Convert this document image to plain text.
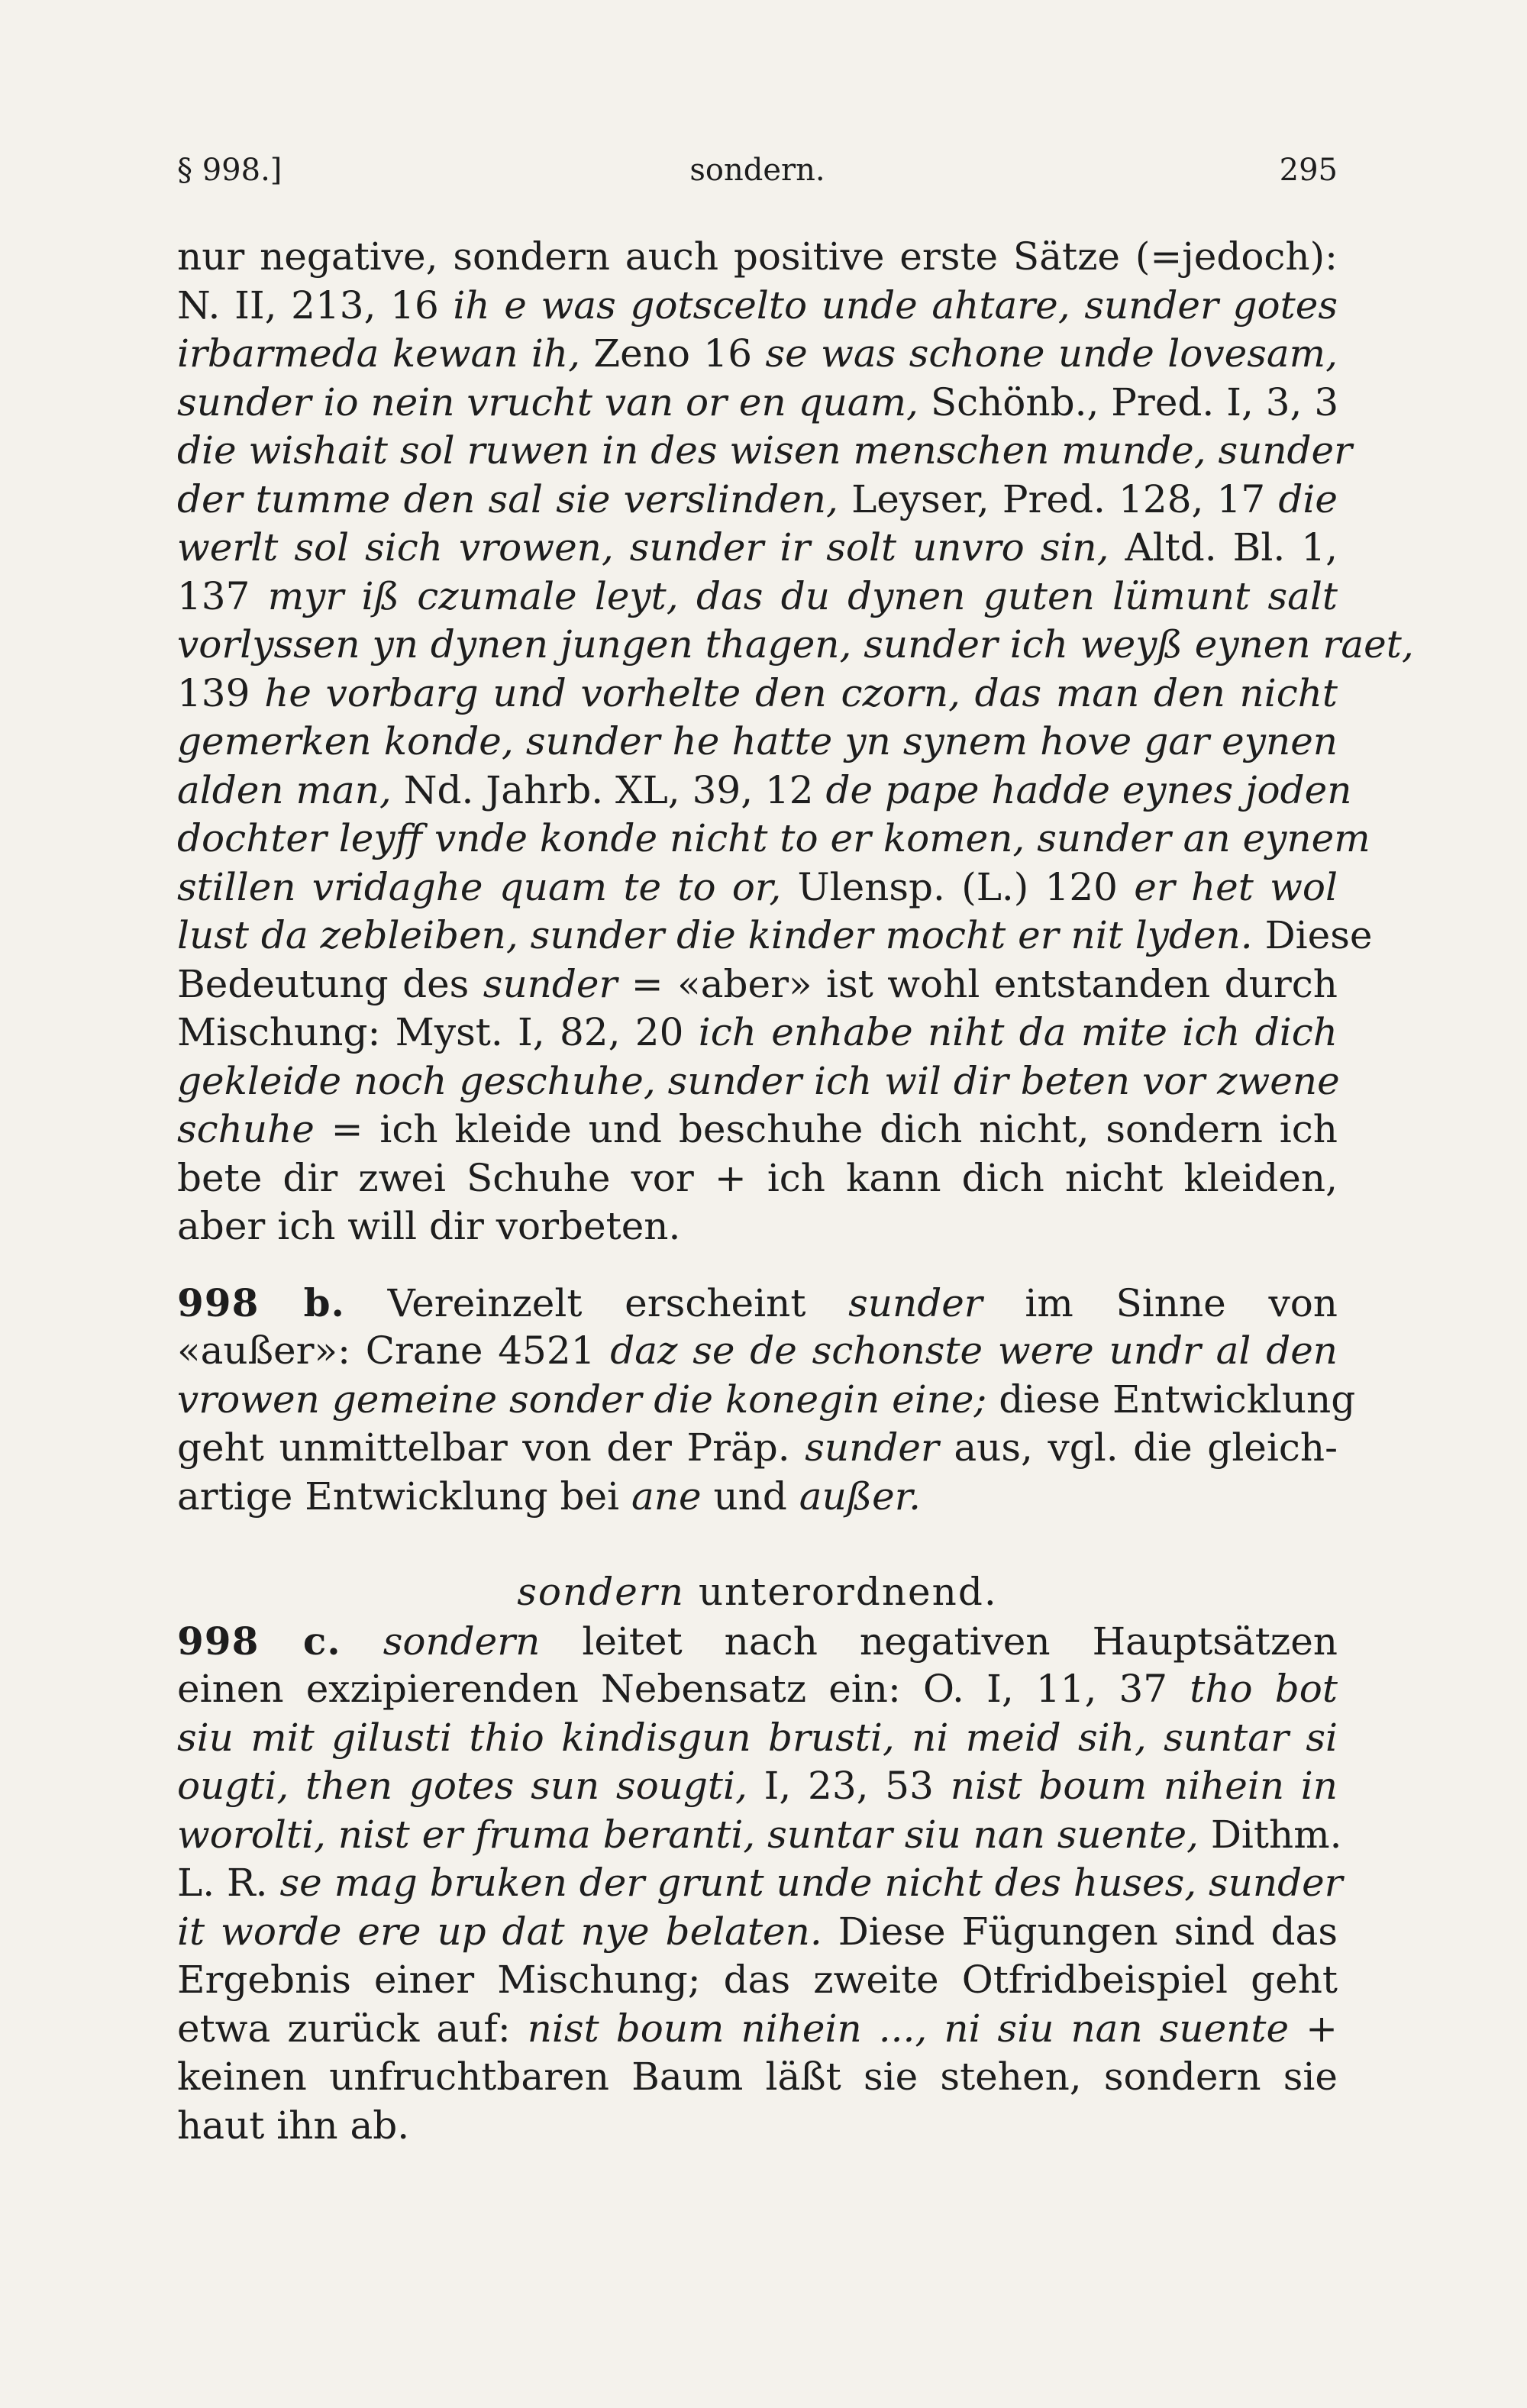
§ 998.]	sondern.	295
nur negative, sondern auch positive erste Sätze (=jedoch):
N. II, 213, 16 ih e was gotscelto unde ahtare, sunder gotes
irbarmeda kewan ih, Zeno 16 se was schone unde lovesam,
sunder io nein vrucht van or en quam, Schönb., Pred. I, 3, 3
die wishait sol ruwen in des wisen menschen munde, sunder
der tumme den sal sie verslinden, Leyser, Pred. 128, 17 die
werlt sol sich vrowen, sunder ir solt unvro sin, Altd. Bl. 1,
137 myr iß czumale leyt, das du dynen guten lümunt salt
vorlyssen yn dynen jungen thagen, sunder ich weyß eynen raet,
139 he vorbarg und vorhelte den czorn, das man den nicht
gemerken konde, sunder he hatte yn synem hove gar eynen
alden man, Nd. Jahrb. XL, 39, 12 de pape hadde eynes joden
dochter leyff vnde konde nicht to er komen, sunder an eynem
stillen vridaghe quam te to or, Ulensp. (L.) 120 er het wol
lust da zebleiben, sunder die kinder mocht er nit lyden. Diese
Bedeutung des sunder = «aber» ist wohl entstanden durch
Mischung: Myst. I, 82, 20 ich enhabe niht da mite ich dich
gekleide noch geschuhe, sunder ich wil dir beten vor zwene
schuhe = ich kleide und beschuhe dich nicht, sondern ich
bete dir zwei Schuhe vor + ich kann dich nicht kleiden,
aber ich will dir vorbeten.
998 b. Vereinzelt erscheint sunder im Sinne von
«außer»: Crane 4521 daz se de schonste were undr al den
vrowen gemeine sonder die konegin eine; diese Entwicklung
geht unmittelbar von der Präp. sunder aus, vgl. die gleich-
artige Entwicklung bei ane und außer.
sondern unterordnend.
998 c. sondern leitet nach negativen Hauptsätzen
einen exzipierenden Nebensatz ein: O. I, 11, 37 tho bot
siu mit gilusti thio kindisgun brusti, ni meid sih, suntar si
ougti, then gotes sun sougti, I, 23, 53 nist boum nihein in
worolti, nist er fruma beranti, suntar siu nan suente, Dithm.
L. R. se mag bruken der grunt unde nicht des huses, sunder
it worde ere up dat nye belaten. Diese Fügungen sind das
Ergebnis einer Mischung; das zweite Otfridbeispiel geht
etwa zurück auf: nist boum nihein ..., ni siu nan suente +
keinen unfruchtbaren Baum läßt sie stehen, sondern sie
haut ihn ab.
